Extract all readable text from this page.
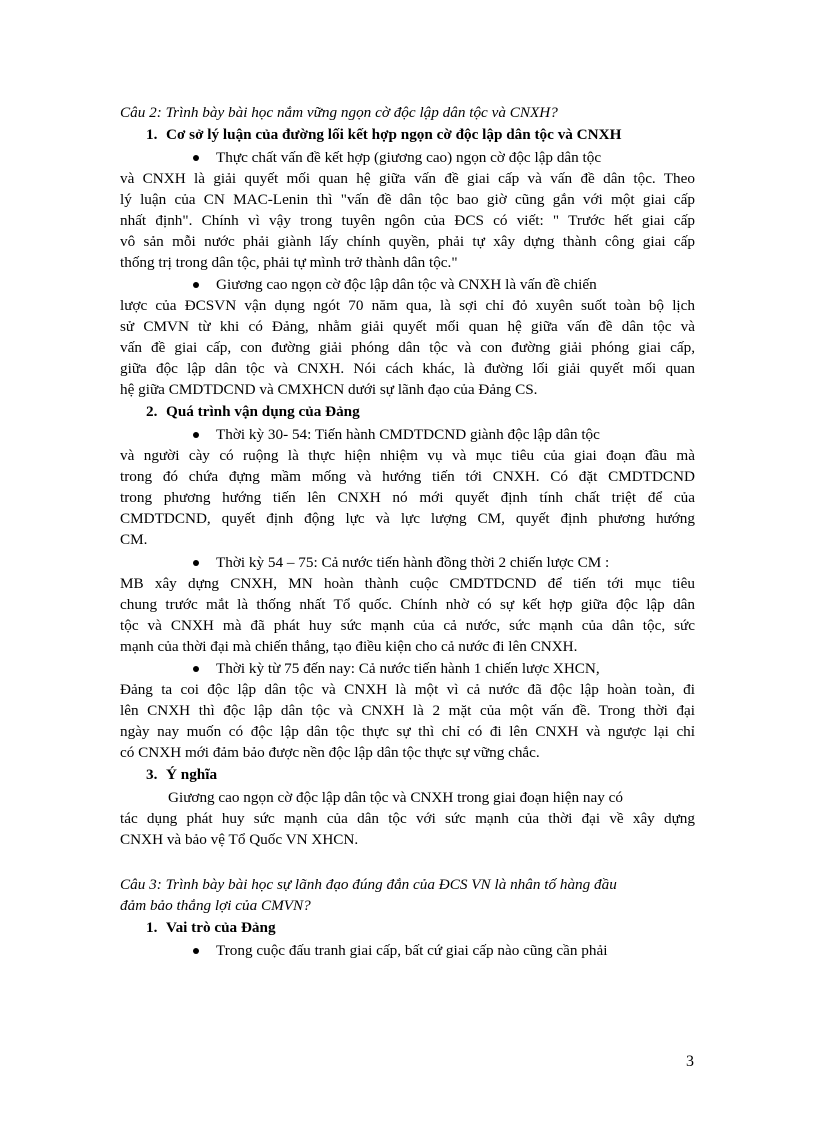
Câu 2: Trình bày bài học nắm vững ngọn cờ độc lập dân tộc và CNXH?
1. Cơ sở lý luận của đường lối kết hợp ngọn cờ độc lập dân tộc và CNXH
Thực chất vấn đề kết hợp (giương cao) ngọn cờ độc lập dân tộc
và CNXH là giải quyết mối quan hệ giữa vấn đề giai cấp và vấn đề dân tộc. Theo
lý luận của CN MAC-Lenin thì "vấn đề dân tộc bao giờ cũng gắn với một giai cấp
nhất định". Chính vì vậy trong tuyên ngôn của ĐCS có viết: " Trước hết giai cấp
vô sản mỗi nước phải giành lấy chính quyền, phải tự xây dựng thành công giai cấp
thống trị trong dân tộc, phải tự mình trở thành dân tộc."
Giương cao ngọn cờ độc lập dân tộc và CNXH là vấn đề chiến
lược của ĐCSVN vận dụng ngót 70 năm qua, là sợi chỉ đỏ xuyên suốt toàn bộ lịch
sử CMVN từ khi có Đảng, nhằm giải quyết mối quan hệ giữa vấn đề dân tộc và
vấn đề giai cấp, con đường giải phóng dân tộc và con đường giải phóng giai cấp,
giữa độc lập dân tộc và CNXH. Nói cách khác, là đường lối giải quyết mối quan
hệ giữa CMDTDCND và CMXHCN dưới sự lãnh đạo của Đảng CS.
2. Quá trình vận dụng của Đảng
Thời kỳ 30- 54: Tiến hành CMDTDCND giành độc lập dân tộc
và người cày có ruộng là thực hiện nhiệm vụ và mục tiêu của giai đoạn đầu mà
trong đó chứa đựng mầm mống và hướng tiến tới CNXH. Có đặt CMDTDCND
trong phương hướng tiến lên CNXH nó mới quyết định tính chất triệt để của
CMDTDCND, quyết định động lực và lực lượng CM, quyết định phương hướng
CM.
Thời kỳ 54 – 75: Cả nước tiến hành đồng thời 2 chiến lược CM :
MB xây dựng CNXH, MN hoàn thành cuộc CMDTDCND để tiến tới mục tiêu
chung trước mắt là thống nhất Tổ quốc. Chính nhờ có sự kết hợp giữa độc lập dân
tộc và CNXH mà đã phát huy sức mạnh của cả nước, sức mạnh của dân tộc, sức
mạnh của thời đại mà chiến thắng, tạo điều kiện cho cả nước đi lên CNXH.
Thời kỳ từ 75 đến nay: Cả nước tiến hành 1 chiến lược XHCN,
Đảng ta coi độc lập dân tộc và CNXH là một vì cả nước đã độc lập hoàn toàn, đi
lên CNXH thì độc lập dân tộc và CNXH là 2 mặt của một vấn đề. Trong thời đại
ngày nay muốn có độc lập dân tộc thực sự thì chỉ có đi lên CNXH và ngược lại chỉ
có CNXH mới đảm bảo được nền độc lập dân tộc thực sự vững chắc.
3. Ý nghĩa
Giương cao ngọn cờ độc lập dân tộc và CNXH trong giai đoạn hiện nay có
tác dụng phát huy sức mạnh của dân tộc với sức mạnh của thời đại về xây dựng
CNXH và bảo vệ Tổ Quốc VN XHCN.
Câu 3: Trình bày bài học sự lãnh đạo đúng đắn của ĐCS VN là nhân tố hàng đầu
đảm bảo thắng lợi của CMVN?
1. Vai trò của Đảng
Trong cuộc đấu tranh giai cấp, bất cứ giai cấp nào cũng cần phải
3
